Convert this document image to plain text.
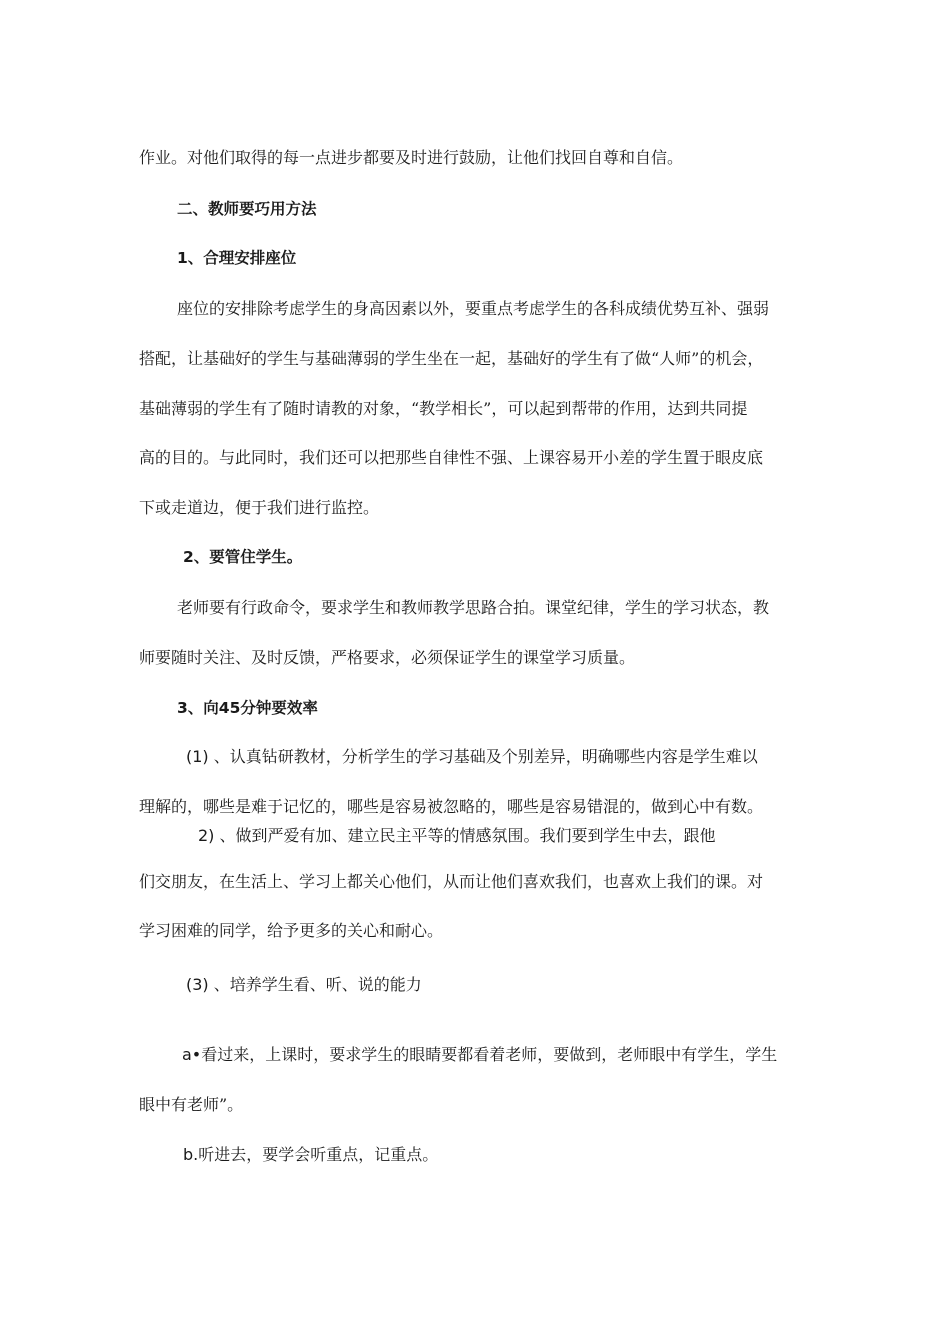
作业。对他们取得的每一点进步都要及时进行鼓励，让他们找回自尊和自信。
二、教师要巧用方法
1、合理安排座位
座位的安排除考虑学生的身高因素以外，要重点考虑学生的各科成绩优势互补、强弱
搭配，让基础好的学生与基础薄弱的学生坐在一起，基础好的学生有了做“人师”的机会，
基础薄弱的学生有了随时请教的对象，“教学相长”，可以起到帮带的作用，达到共同提
高的目的。与此同时，我们还可以把那些自律性不强、上课容易开小差的学生置于眼皮底
下或走道边，便于我们进行监控。
2、要管住学生。
老师要有行政命令，要求学生和教师教学思路合拍。课堂纪律，学生的学习状态，教
师要随时关注、及时反馈，严格要求，必须保证学生的课堂学习质量。
3、向45分钟要效率
(1) 、认真钻研教材，分析学生的学习基础及个别差异，明确哪些内容是学生难以
理解的，哪些是难于记忆的，哪些是容易被忽略的，哪些是容易错混的，做到心中有数。
2) 、做到严爱有加、建立民主平等的情感氛围。我们要到学生中去，跟他
们交朋友，在生活上、学习上都关心他们，从而让他们喜欢我们，也喜欢上我们的课。对
学习困难的同学，给予更多的关心和耐心。
(3) 、培养学生看、听、说的能力
a•看过来，上课时，要求学生的眼睛要都看着老师，要做到，老师眼中有学生，学生
眼中有老师”。
b.听进去，要学会听重点，记重点。
